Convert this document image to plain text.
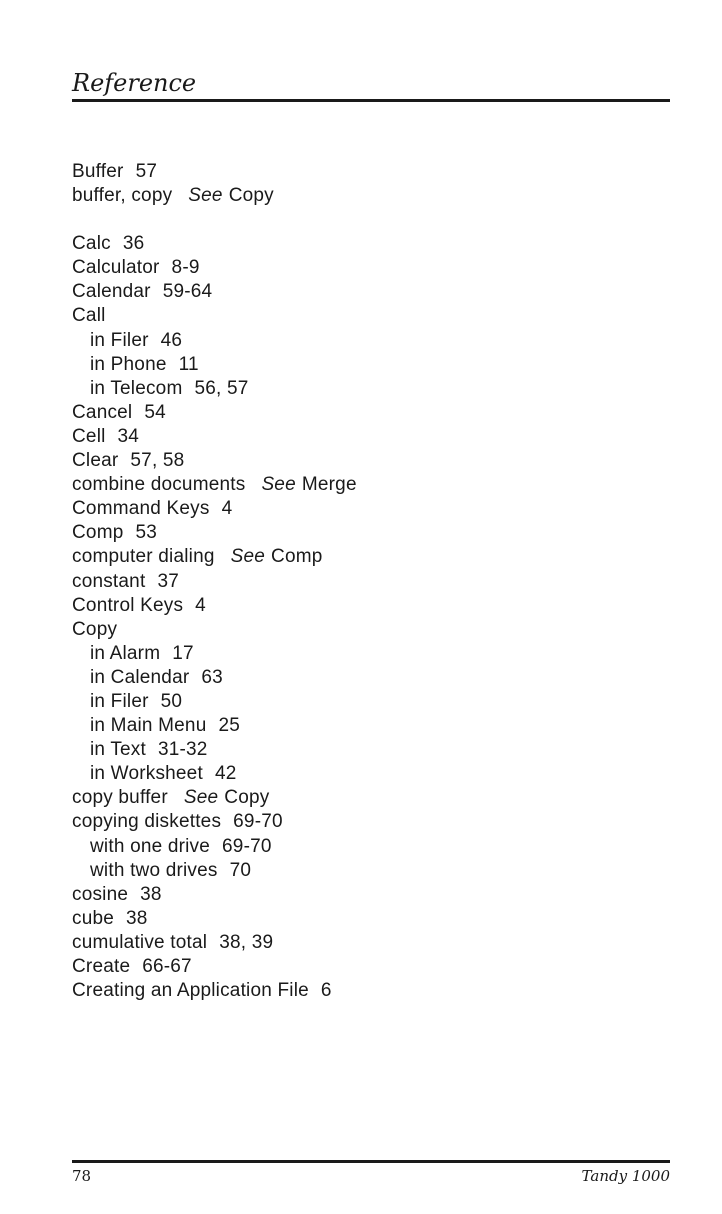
Reference
Buffer 57
buffer, copy See Copy
Calc 36
Calculator 8-9
Calendar 59-64
Call
in Filer 46
in Phone 11
in Telecom 56, 57
Cancel 54
Cell 34
Clear 57, 58
combine documents See Merge
Command Keys 4
Comp 53
computer dialing See Comp
constant 37
Control Keys 4
Copy
in Alarm 17
in Calendar 63
in Filer 50
in Main Menu 25
in Text 31-32
in Worksheet 42
copy buffer See Copy
copying diskettes 69-70
with one drive 69-70
with two drives 70
cosine 38
cube 38
cumulative total 38, 39
Create 66-67
Creating an Application File 6
78	Tandy 1000
